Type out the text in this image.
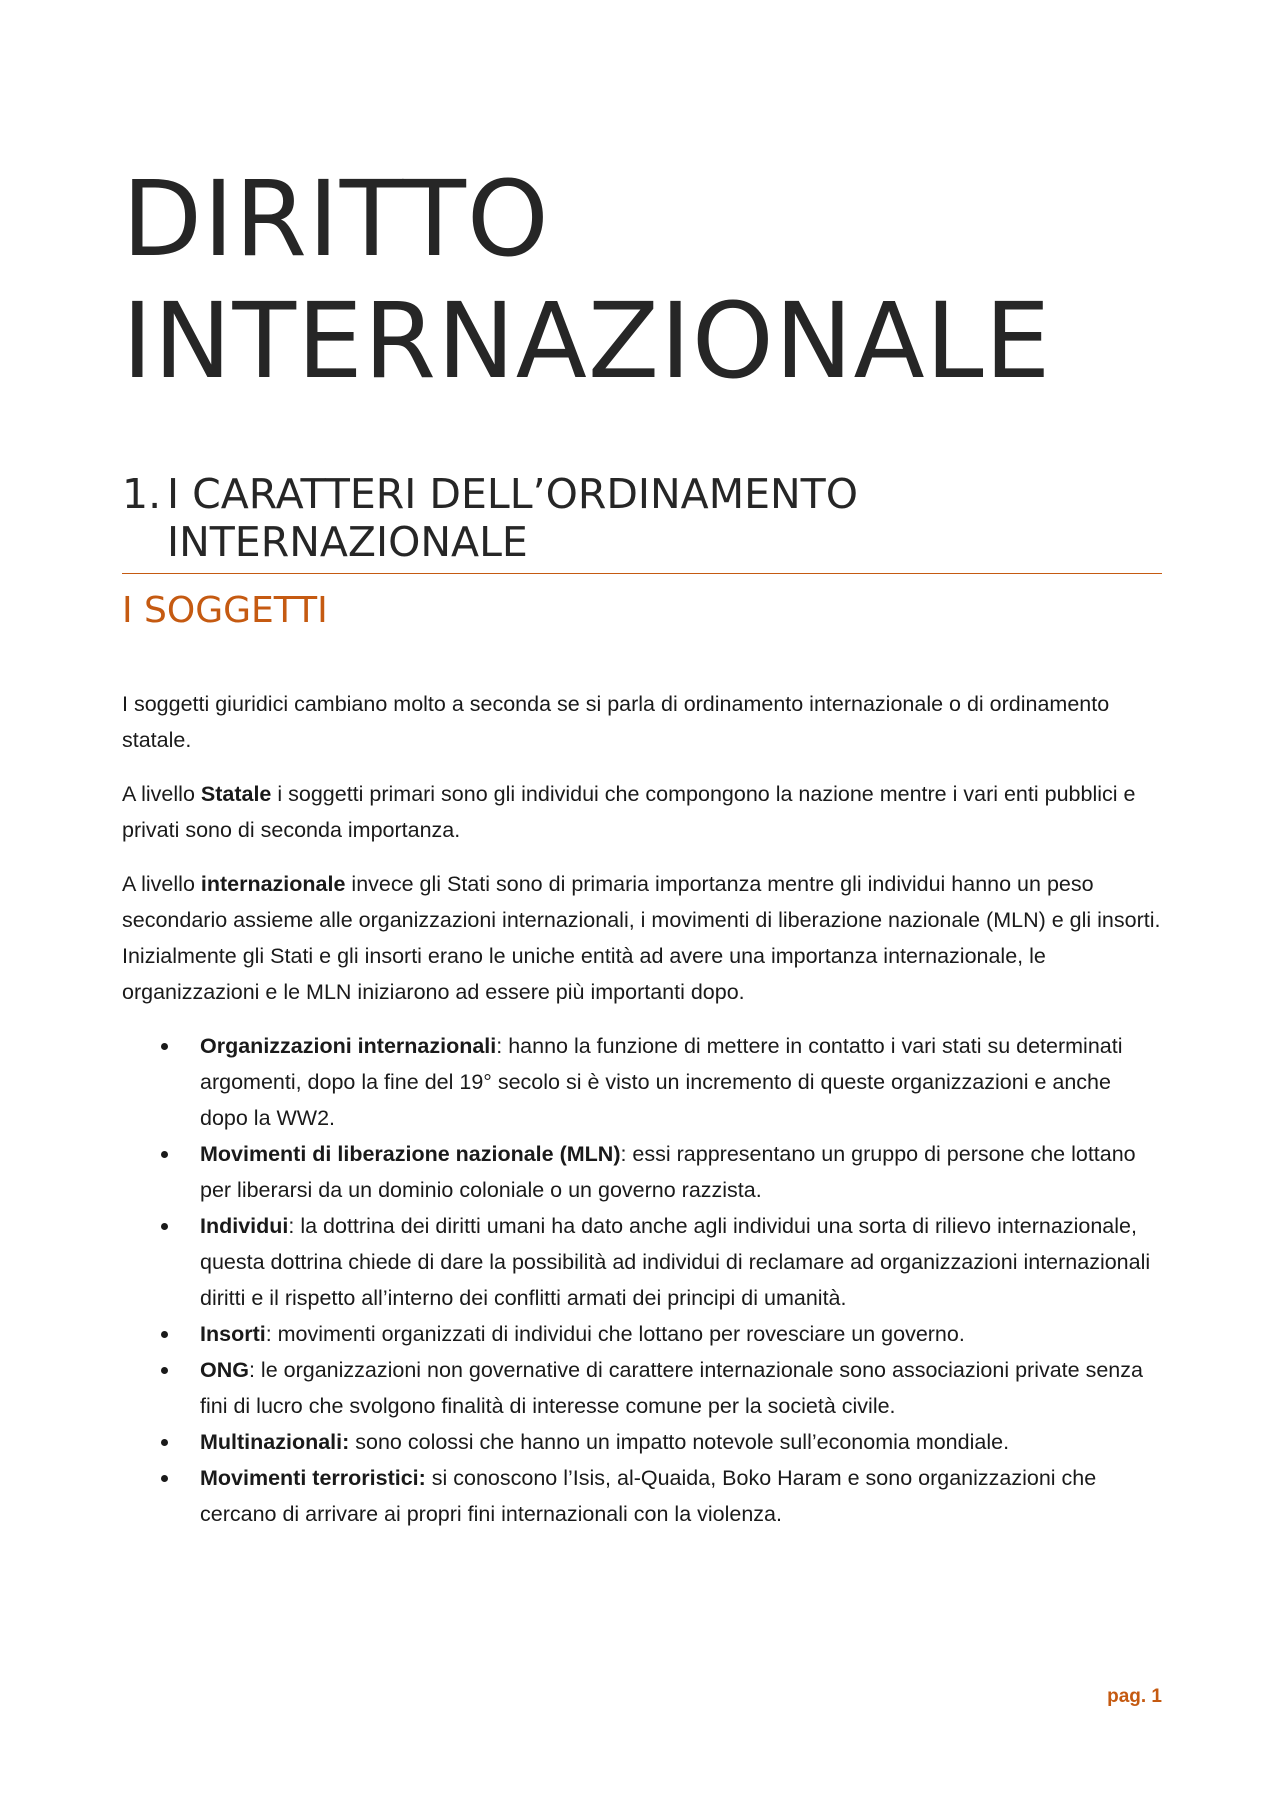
DIRITTO
INTERNAZIONALE
1. I CARATTERI DELL’ORDINAMENTO
INTERNAZIONALE
I SOGGETTI

I soggetti giuridici cambiano molto a seconda se si parla di ordinamento internazionale o di ordinamento statale.

A livello Statale i soggetti primari sono gli individui che compongono la nazione mentre i vari enti pubblici e privati sono di seconda importanza.

A livello internazionale invece gli Stati sono di primaria importanza mentre gli individui hanno un peso secondario assieme alle organizzazioni internazionali, i movimenti di liberazione nazionale (MLN) e gli insorti. Inizialmente gli Stati e gli insorti erano le uniche entità ad avere una importanza internazionale, le organizzazioni e le MLN iniziarono ad essere più importanti dopo.

Organizzazioni internazionali: hanno la funzione di mettere in contatto i vari stati su determinati argomenti, dopo la fine del 19° secolo si è visto un incremento di queste organizzazioni e anche dopo la WW2.
Movimenti di liberazione nazionale (MLN): essi rappresentano un gruppo di persone che lottano per liberarsi da un dominio coloniale o un governo razzista.
Individui: la dottrina dei diritti umani ha dato anche agli individui una sorta di rilievo internazionale, questa dottrina chiede di dare la possibilità ad individui di reclamare ad organizzazioni internazionali diritti e il rispetto all’interno dei conflitti armati dei principi di umanità.
Insorti: movimenti organizzati di individui che lottano per rovesciare un governo.
ONG: le organizzazioni non governative di carattere internazionale sono associazioni private senza fini di lucro che svolgono finalità di interesse comune per la società civile.
Multinazionali: sono colossi che hanno un impatto notevole sull’economia mondiale.
Movimenti terroristici: si conoscono l’Isis, al-Quaida, Boko Haram e sono organizzazioni che cercano di arrivare ai propri fini internazionali con la violenza.
pag. 1
